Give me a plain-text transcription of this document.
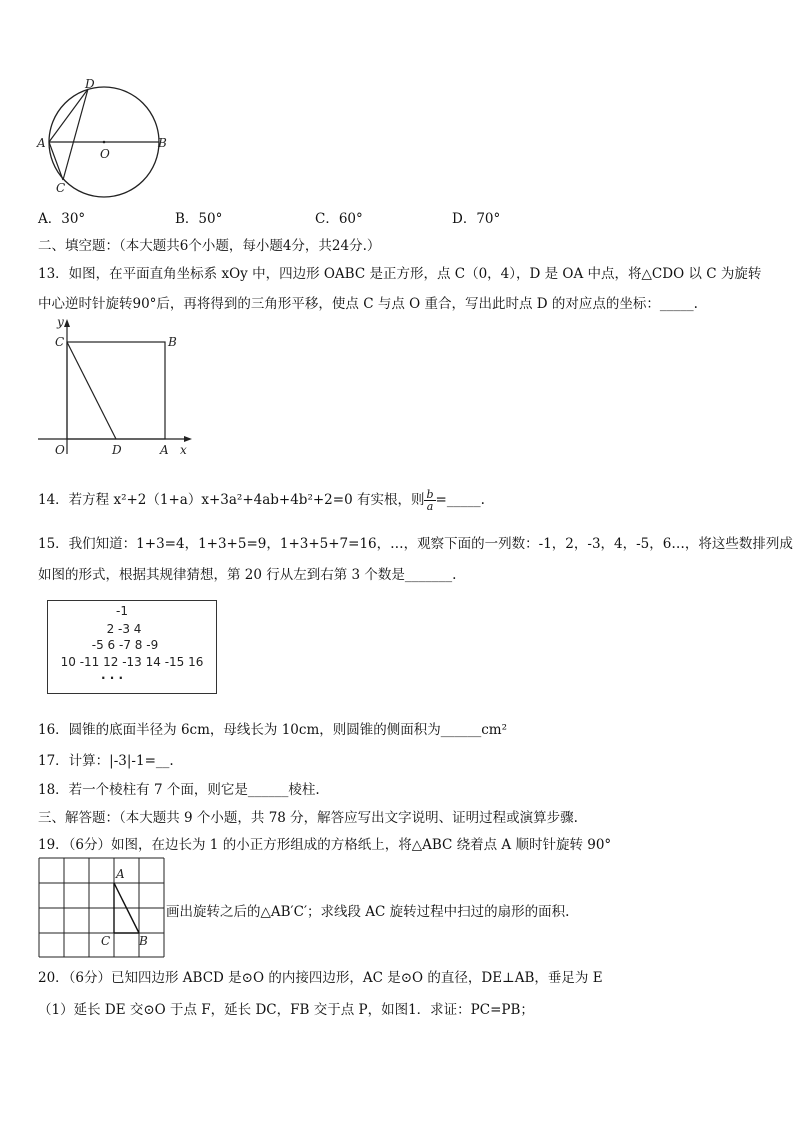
D
A
O
B
C
A．30°	B．50°	C．60°	D．70°
二、填空题：（本大题共6个小题，每小题4分，共24分.）
13．如图，在平面直角坐标系 xOy 中，四边形 OABC 是正方形，点 C（0，4），D 是 OA 中点，将△CDO 以 C 为旋转
中心逆时针旋转90°后，再将得到的三角形平移，使点 C 与点 O 重合，写出此时点 D 的对应点的坐标：_____.
y
C	B
O	D	A x
14．若方程 x²+2（1+a）x+3a²+4ab+4b²+2=0 有实根，则 $\frac{b}{a}$ =_____.
15．我们知道：1+3=4，1+3+5=9，1+3+5+7=16，…，观察下面的一列数：-1，2，-3，4，-5，6…，将这些数排列成
如图的形式，根据其规律猜想，第 20 行从左到右第 3 个数是_______.
-1
2 -3 4
-5 6 -7 8 -9
10 -11 12 -13 14 -15 16
· · ·
16．圆锥的底面半径为 6cm，母线长为 10cm，则圆锥的侧面积为______cm²
17．计算：|-3|-1=__.
18．若一个棱柱有 7 个面，则它是______棱柱.
三、解答题：（本大题共 9 个小题，共 78 分，解答应写出文字说明、证明过程或演算步骤.
19．（6分）如图，在边长为 1 的小正方形组成的方格纸上，将△ABC 绕着点 A 顺时针旋转 90°
A
C B
画出旋转之后的△AB′C′；求线段 AC 旋转过程中扫过的扇形的面积.
20．（6分）已知四边形 ABCD 是⊙O 的内接四边形，AC 是⊙O 的直径，DE⊥AB，垂足为 E
（1）延长 DE 交⊙O 于点 F，延长 DC，FB 交于点 P，如图1．求证：PC=PB；
